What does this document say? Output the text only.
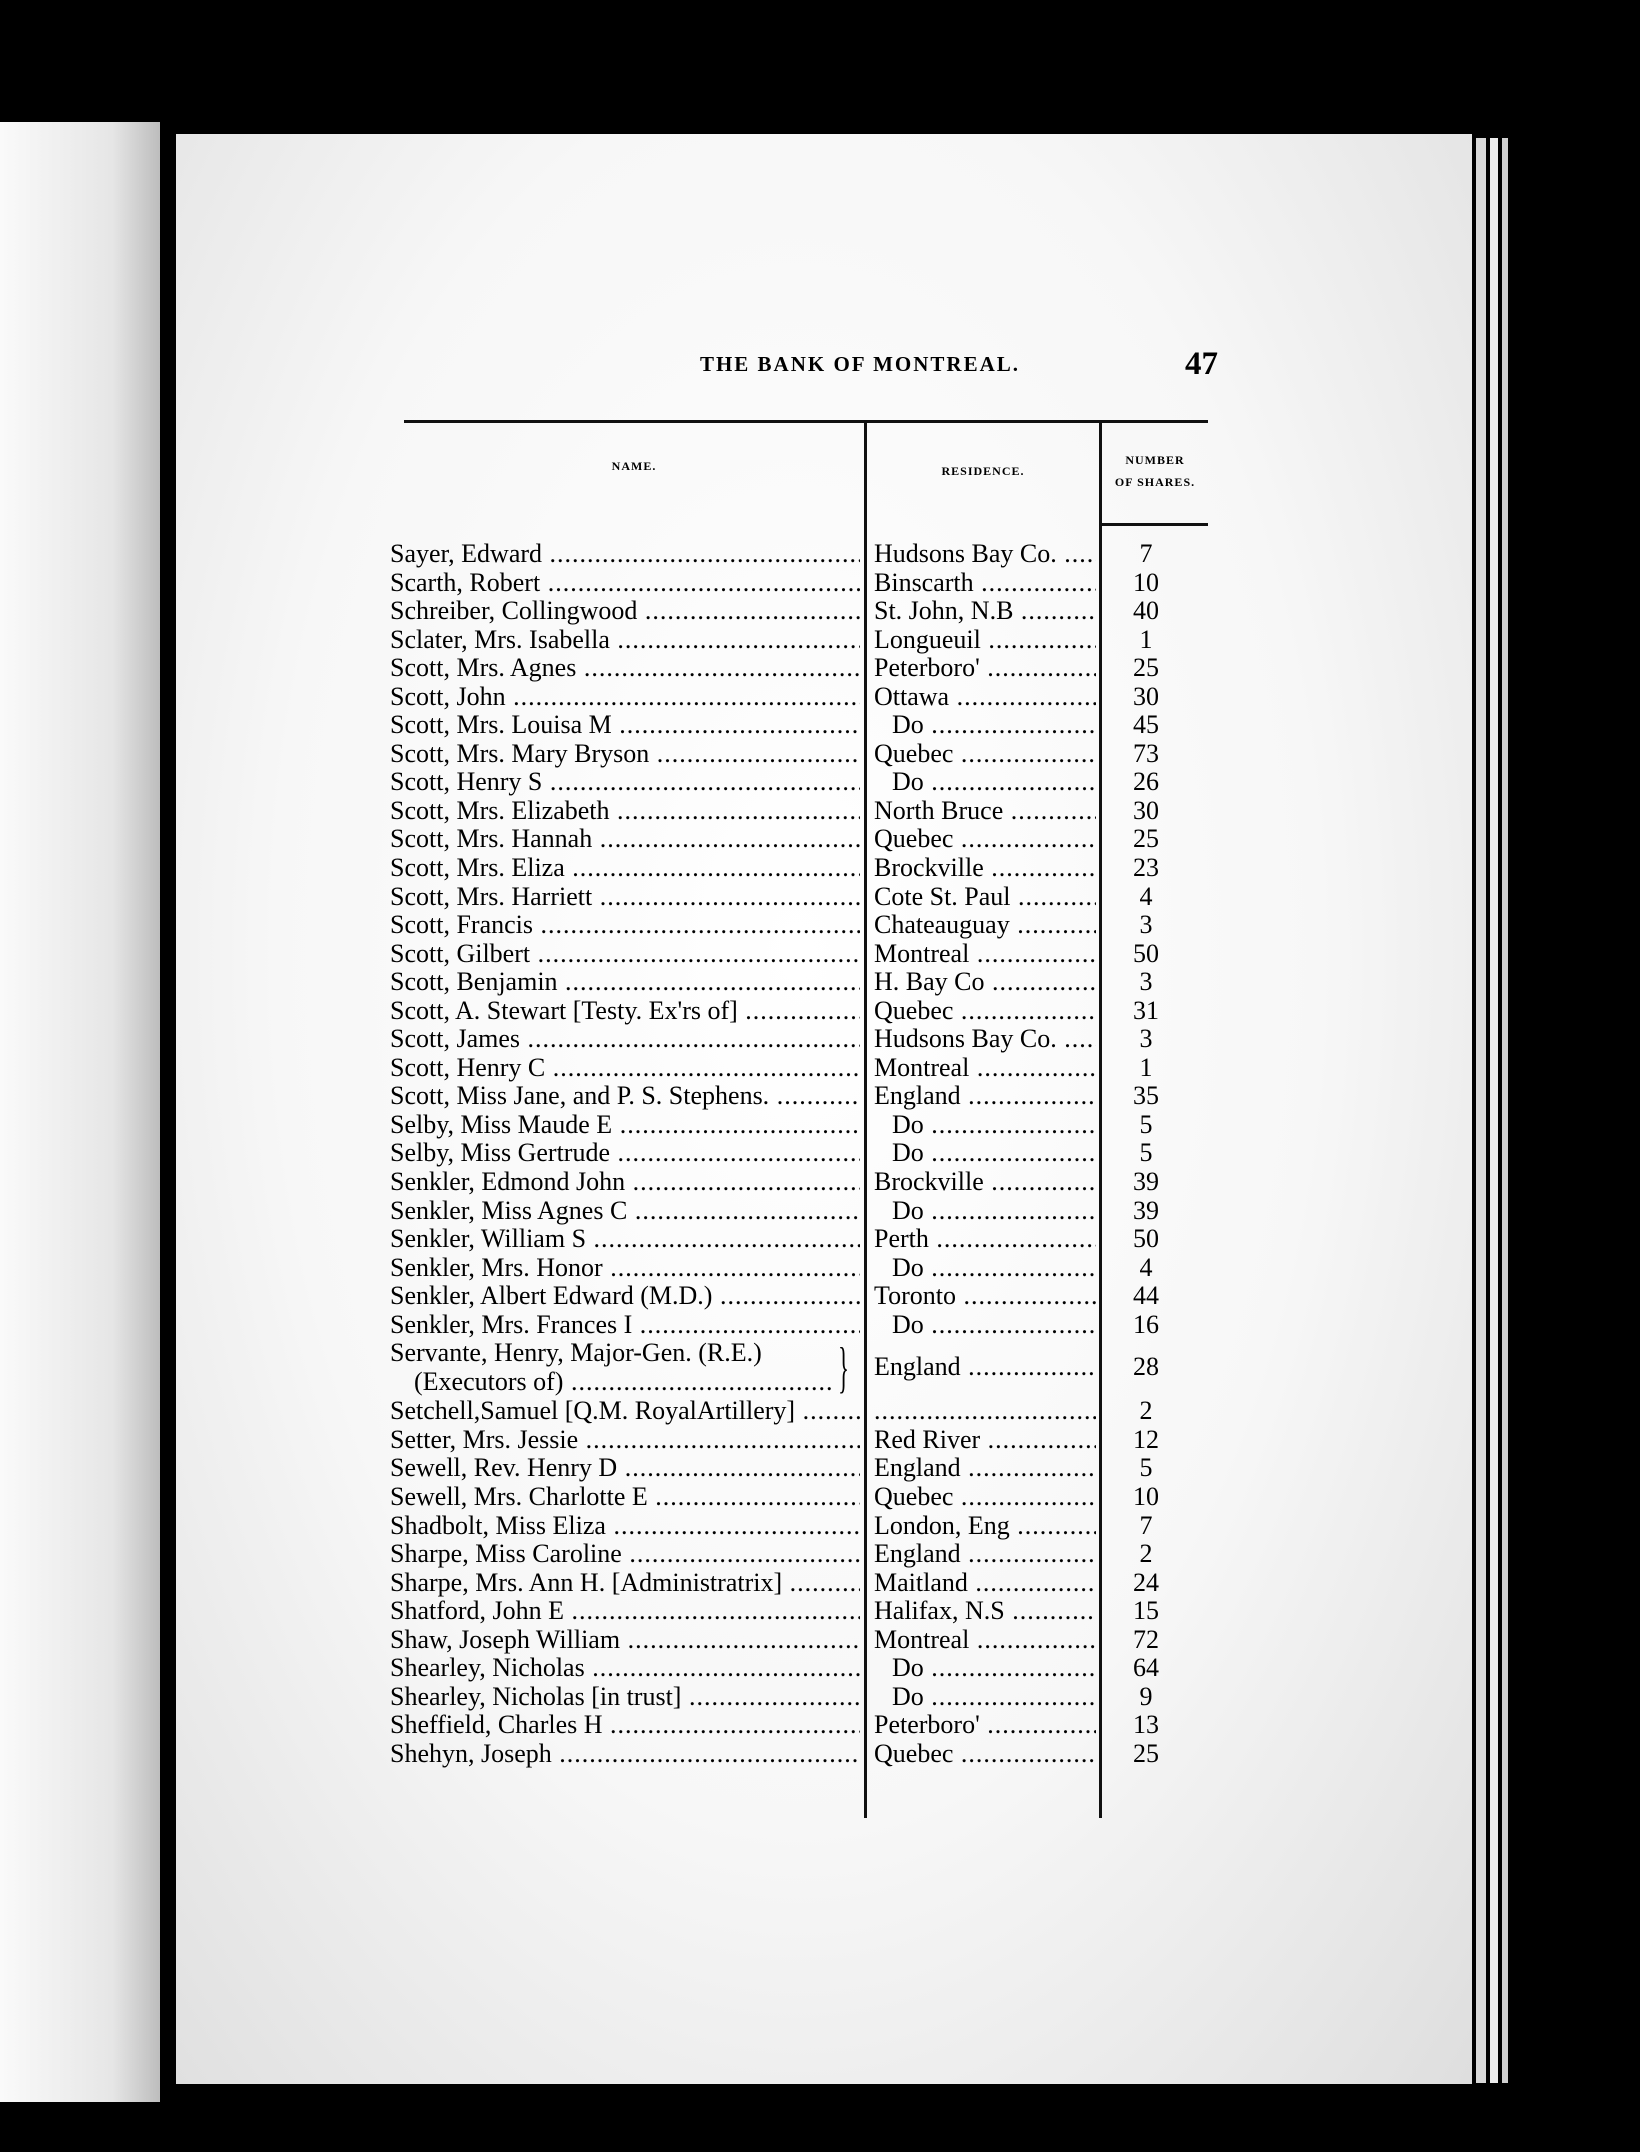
THE BANK OF MONTREAL.	47
NAME.	RESIDENCE.
NUMBER
OF SHARES.
Sayer, Edward .....	Hudsons Bay Co. .....	7
Scarth, Robert .....	Binscarth .....	10
Schreiber, Collingwood .....	St. John, N.B .....	40
Sclater, Mrs. Isabella .....	Longueuil .....	1
Scott, Mrs. Agnes .....	Peterboro' .....	25
Scott, John .....	Ottawa .....	30
Scott, Mrs. Louisa M .....	Do .....	45
Scott, Mrs. Mary Bryson .....	Quebec .....	73
Scott, Henry S .....	Do .....	26
Scott, Mrs. Elizabeth .....	North Bruce .....	30
Scott, Mrs. Hannah .....	Quebec .....	25
Scott, Mrs. Eliza .....	Brockville .....	23
Scott, Mrs. Harriett .....	Cote St. Paul .....	4
Scott, Francis .....	Chateauguay .....	3
Scott, Gilbert .....	Montreal .....	50
Scott, Benjamin .....	H. Bay Co .....	3
Scott, A. Stewart [Testy. Ex'rs of] .....	Quebec .....	31
Scott, James .....	Hudsons Bay Co. .....	3
Scott, Henry C .....	Montreal .....	1
Scott, Miss Jane, and P. S. Stephens. .....	England .....	35
Selby, Miss Maude E .....	Do .....	5
Selby, Miss Gertrude .....	Do .....	5
Senkler, Edmond John .....	Brockville .....	39
Senkler, Miss Agnes C .....	Do .....	39
Senkler, William S .....	Perth .....	50
Senkler, Mrs. Honor .....	Do .....	4
Senkler, Albert Edward (M.D.) .....	Toronto .....	44
Senkler, Mrs. Frances I .....	Do .....	16
Servante, Henry, Major-Gen. (R.E.)
(Executors of) .....	} England .....	28
Setchell,Samuel [Q.M. RoyalArtillery] ..... .....	2
Setter, Mrs. Jessie .....	Red River .....	12
Sewell, Rev. Henry D .....	England .....	5
Sewell, Mrs. Charlotte E .....	Quebec .....	10
Shadbolt, Miss Eliza .....	London, Eng .....	7
Sharpe, Miss Caroline .....	England .....	2
Sharpe, Mrs. Ann H. [Administratrix] .....	Maitland .....	24
Shatford, John E .....	Halifax, N.S .....	15
Shaw, Joseph William .....	Montreal .....	72
Shearley, Nicholas .....	Do .....	64
Shearley, Nicholas [in trust] .....	Do .....	9
Sheffield, Charles H .....	Peterboro' .....	13
Shehyn, Joseph .....	Quebec .....	25
